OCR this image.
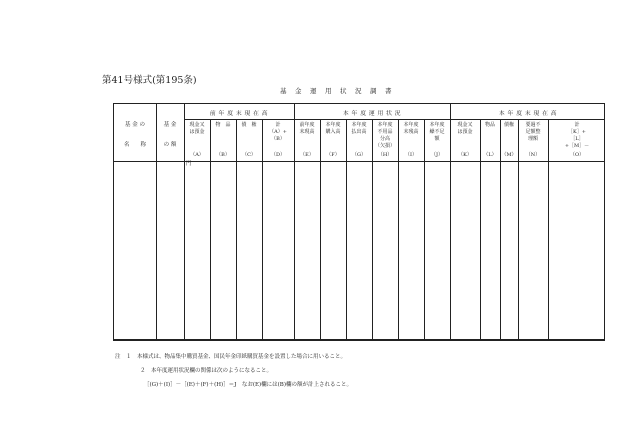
第41号様式(第195条)
基　金　運　用　状　況　調　書
基 金 の
名　　称
基 金
の 額
前 年 度 末 現 在 高	本 年 度 運 用 状 況	本 年 度 末 現 在 高
現金又
は預金
（A）
物　品
（B）
債　権
（C）
計
（A）+
（B）
（D）
前年度
末現高
（E）
本年度
購入高
（F）
本年度
払出高
（G）
本年度
不用品
分高
（欠損）
（H）
本年度
末残高
（I）
本年度
繰不足
額
（J）
現金又
は預金
（K）
物品
（L）
債権
（M）
要過不
足額整
理額
（N）
計
［K］+
［L］
+［M］－
（O）
円
注　１　本様式は、物品集中購買基金、国民年金印紙購買基金を設置した場合に用いること。
２　本年度運用状況欄の関係は次のようになること。
［(G)＋(I)］－［(E)＋(F)＋(H)］＝J　なお(E)欄には(B)欄の額が計上されること。
